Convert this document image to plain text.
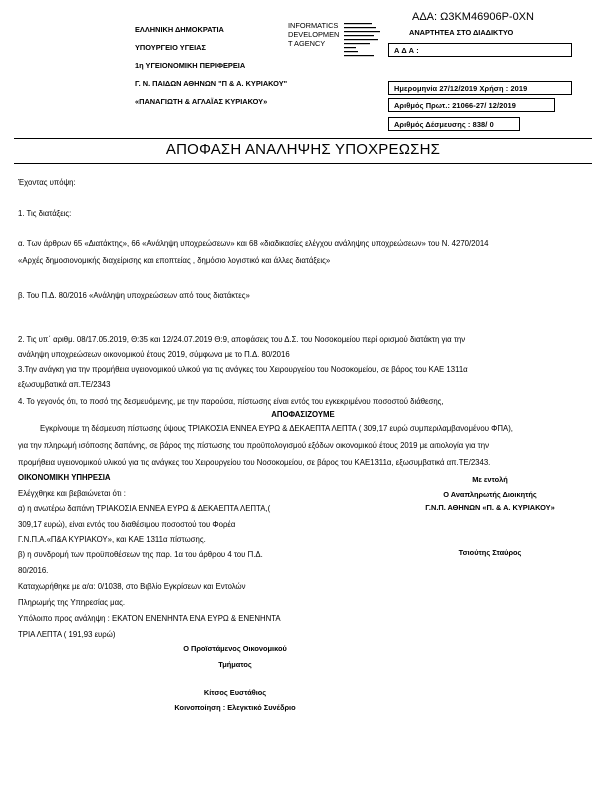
ΕΛΛΗΝΙΚΗ ΔΗΜΟΚΡΑΤΙΑ
ΥΠΟΥΡΓΕΙΟ ΥΓΕΙΑΣ
1η ΥΓΕΙΟΝΟΜΙΚΗ ΠΕΡΙΦΕΡΕΙΑ
Γ. Ν. ΠΑΙΔΩΝ ΑΘΗΝΩΝ "Π & Α. ΚΥΡΙΑΚΟΥ"
«ΠΑΝΑΓΙΩΤΗ & ΑΓΛΑΪΑΣ ΚΥΡΙΑΚΟΥ»
INFORMATICS
DEVELOPMEN
T AGENCY
ΑΔΑ: Ω3ΚΜ46906Ρ-0ΧΝ
ΑΝΑΡΤΗΤΕΑ ΣΤΟ ΔΙΑΔΙΚΤΥΟ
Α Δ Α :
Ημερομηνία 27/12/2019 Χρήση : 2019
Αριθμός Πρωτ.: 21066-27/ 12/2019
Αριθμός Δέσμευσης : 838/ 0
ΑΠΟΦΑΣΗ ΑΝΑΛΗΨΗΣ ΥΠΟΧΡΕΩΣΗΣ
Έχοντας υπόψη:
1. Τις διατάξεις:
α. Των άρθρων 65 «Διατάκτης», 66 «Ανάληψη υποχρεώσεων» και 68 «διαδικασίες ελέγχου ανάληψης υποχρεώσεων» του Ν. 4270/2014
«Αρχές δημοσιονομικής διαχείρισης και εποπτείας , δημόσιο λογιστικό και άλλες διατάξεις»
β. Του Π.Δ. 80/2016 «Ανάληψη υποχρεώσεων από τους διατάκτες»
2. Τις υπ΄ αριθμ. 08/17.05.2019, Θ:35 και 12/24.07.2019 Θ:9, αποφάσεις του Δ.Σ. του Νοσοκομείου περί ορισμού διατάκτη για την
ανάληψη υποχρεώσεων οικονομικού έτους 2019, σύμφωνα με το Π.Δ. 80/2016
3.Την ανάγκη για την προμήθεια υγειονομικού υλικού για τις ανάγκες του Χειρουργείου του Νοσοκομείου, σε βάρος του ΚΑΕ 1311α
εξωσυμβατικά απ.ΤΕ/2343
4. Το γεγονός ότι, το ποσό της δεσμευόμενης, με την παρούσα, πίστωσης είναι εντός του εγκεκριμένου ποσοστού διάθεσης,
ΑΠΟΦΑΣΙΖΟΥΜΕ
Εγκρίνουμε τη δέσμευση πίστωσης ύψους ΤΡΙΑΚΟΣΙΑ ΕΝΝΕΑ ΕΥΡΩ & ΔΕΚΑΕΠΤΑ ΛΕΠΤΑ ( 309,17 ευρώ συμπεριλαμβανομένου ΦΠΑ),
για την πληρωμή ισόποσης δαπάνης, σε βάρος της πίστωσης του προϋπολογισμού εξόδων οικονομικού έτους 2019 με αιτιολογία για την
προμήθεια υγειονομικού υλικού για τις ανάγκες του Χειρουργείου του Νοσοκομείου, σε βάρος του ΚΑΕ1311α, εξωσυμβατικά απ.ΤΕ/2343.
ΟΙΚΟΝΟΜΙΚΗ ΥΠΗΡΕΣΙΑ
Ελέγχθηκε και βεβαιώνεται ότι :
α) η ανωτέρω δαπάνη ΤΡΙΑΚΟΣΙΑ ΕΝΝΕΑ ΕΥΡΩ & ΔΕΚΑΕΠΤΑ ΛΕΠΤΑ,(
309,17 ευρώ), είναι εντός του διαθέσιμου ποσοστού του Φορέα
Γ.Ν.Π.Α.«Π&Α ΚΥΡΙΑΚΟΥ», και ΚΑΕ 1311α πίστωσης.
β) η συνδρομή των προϋποθέσεων της παρ. 1α του άρθρου 4 του Π.Δ.
80/2016.
Καταχωρήθηκε με α/α: 0/1038, στο Βιβλίο Εγκρίσεων και Εντολών
Πληρωμής της Υπηρεσίας μας.
Υπόλοιπο προς ανάληψη : ΕΚΑΤΟΝ ΕΝΕΝΗΝΤΑ ΕΝΑ ΕΥΡΩ & ΕΝΕΝΗΝΤΑ
ΤΡΙΑ ΛΕΠΤΑ ( 191,93 ευρώ)
Ο Προϊστάμενος Οικονομικού
Τμήματος
Κίτσος Ευστάθιος
Κοινοποίηση : Ελεγκτικό Συνέδριο
Με εντολή
Ο Αναπληρωτής Διοικητής
Γ.Ν.Π. ΑΘΗΝΩΝ «Π. & Α. ΚΥΡΙΑΚΟΥ»
Τσιούτης Σταύρος
